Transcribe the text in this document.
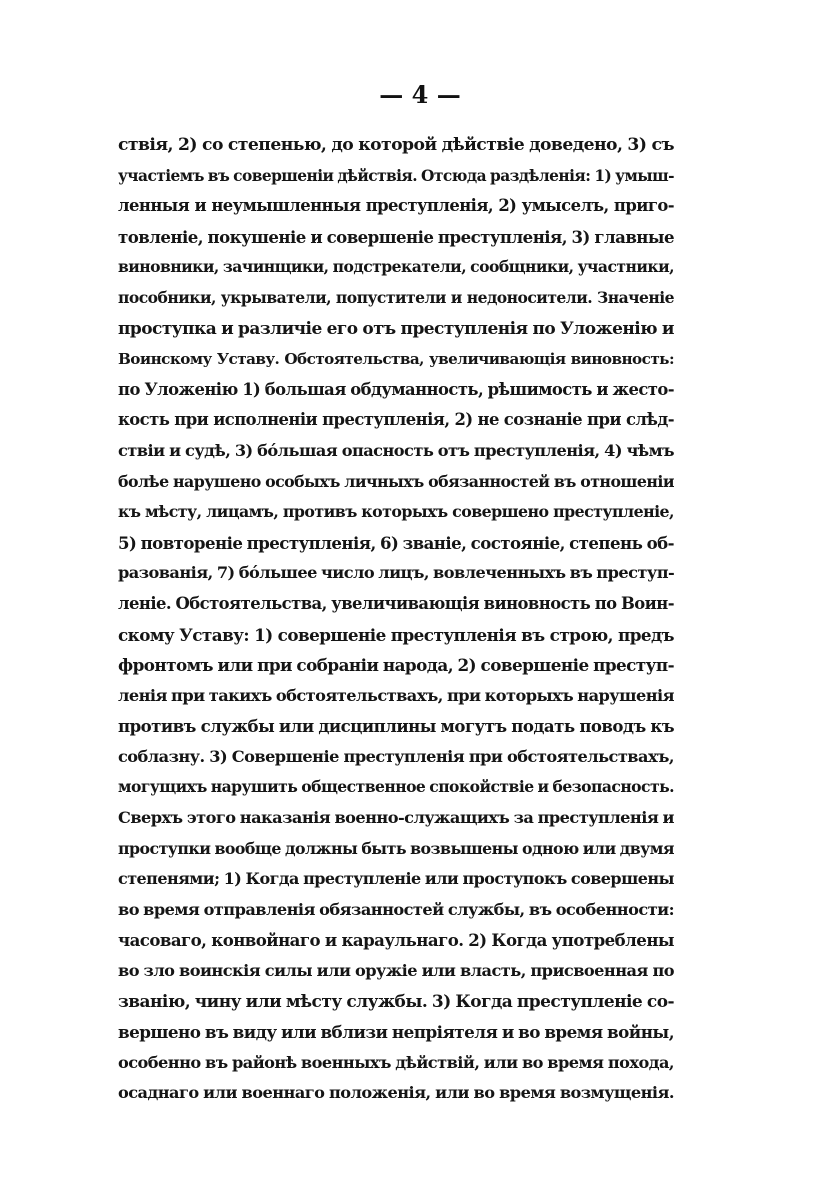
— 4 —
ствія, 2) со степенью, до которой дѣйствіе доведено, 3) съ
участіемъ въ совершеніи дѣйствія. Отсюда раздѣленія: 1) умыш-
ленныя и неумышленныя преступленія, 2) умыселъ, приго-
товленіе, покушеніе и совершеніе преступленія, 3) главные
виновники, зачинщики, подстрекатели, сообщники, участники,
пособники, укрыватели, попустители и недоносители. Значеніе
проступка и различіе его отъ преступленія по Уложенію и
Воинскому Уставу. Обстоятельства, увеличивающія виновность:
по Уложенію 1) большая обдуманность, рѣшимость и жесто-
кость при исполненіи преступленія, 2) не сознаніе при слѣд-
ствіи и судѣ, 3) бо́льшая опасность отъ преступленія, 4) чѣмъ
болѣе нарушено особыхъ личныхъ обязанностей въ отношеніи
къ мѣсту, лицамъ, противъ которыхъ совершено преступленіе,
5) повтореніе преступленія, 6) званіе, состояніе, степень об-
разованія, 7) бо́льшее число лицъ, вовлеченныхъ въ преступ-
леніе. Обстоятельства, увеличивающія виновность по Воин-
скому Уставу: 1) совершеніе преступленія въ строю, предъ
фронтомъ или при собраніи народа, 2) совершеніе преступ-
ленія при такихъ обстоятельствахъ, при которыхъ нарушенія
противъ службы или дисциплины могутъ подать поводъ къ
соблазну. 3) Совершеніе преступленія при обстоятельствахъ,
могущихъ нарушить общественное спокойствіе и безопасность.
Сверхъ этого наказанія военно-служащихъ за преступленія и
проступки вообще должны быть возвышены одною или двумя
степенями; 1) Когда преступленіе или проступокъ совершены
во время отправленія обязанностей службы, въ особенности:
часоваго, конвойнаго и караульнаго. 2) Когда употреблены
во зло воинскія силы или оружіе или власть, присвоенная по
званію, чину или мѣсту службы. 3) Когда преступленіе со-
вершено въ виду или вблизи непріятеля и во время войны,
особенно въ районѣ военныхъ дѣйствій, или во время похода,
осаднаго или военнаго положенія, или во время возмущенія.
